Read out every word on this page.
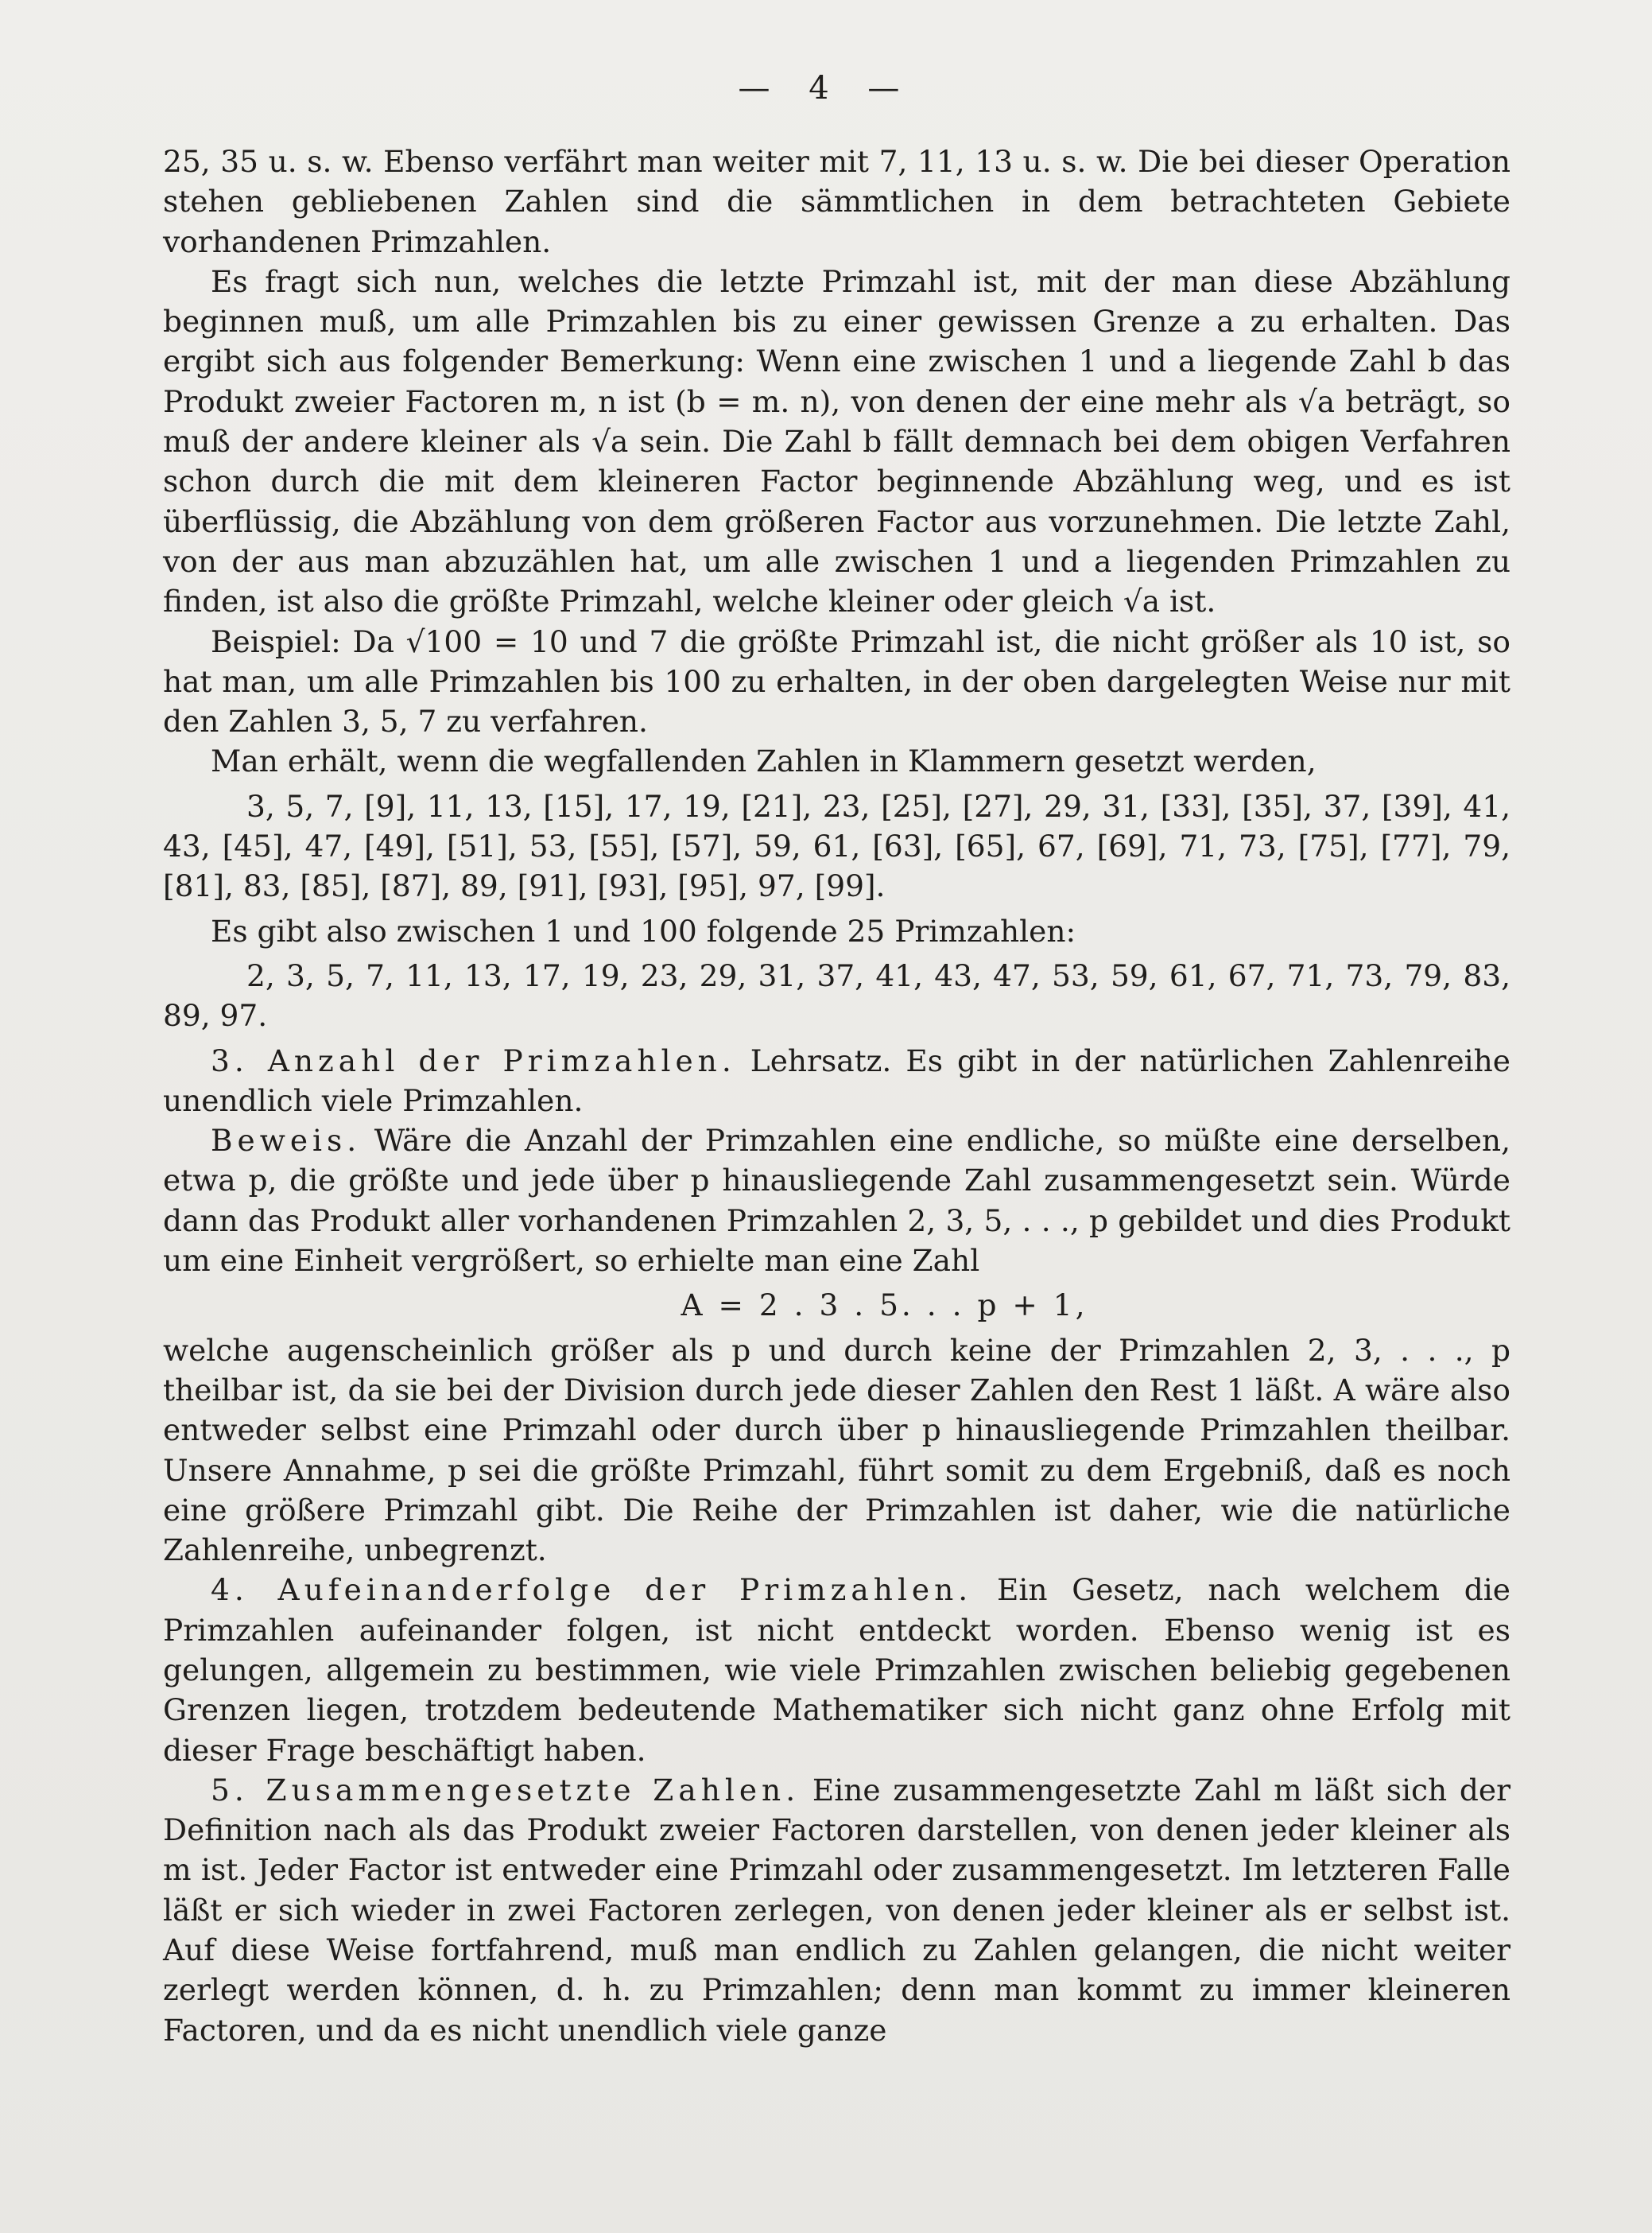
— 4 —

25, 35 u. s. w. Ebenso verfährt man weiter mit 7, 11, 13 u. s. w. Die bei dieser Operation stehen gebliebenen Zahlen sind die sämmtlichen in dem betrachteten Gebiete vorhandenen Primzahlen.

Es fragt sich nun, welches die letzte Primzahl ist, mit der man diese Abzählung beginnen muß, um alle Primzahlen bis zu einer gewissen Grenze a zu erhalten. Das ergibt sich aus folgender Bemerkung: Wenn eine zwischen 1 und a liegende Zahl b das Produkt zweier Factoren m, n ist (b = m. n), von denen der eine mehr als √a beträgt, so muß der andere kleiner als √a sein. Die Zahl b fällt demnach bei dem obigen Verfahren schon durch die mit dem kleineren Factor beginnende Abzählung weg, und es ist überflüssig, die Abzählung von dem größeren Factor aus vorzunehmen. Die letzte Zahl, von der aus man abzuzählen hat, um alle zwischen 1 und a liegenden Primzahlen zu finden, ist also die größte Primzahl, welche kleiner oder gleich √a ist.

Beispiel: Da √100 = 10 und 7 die größte Primzahl ist, die nicht größer als 10 ist, so hat man, um alle Primzahlen bis 100 zu erhalten, in der oben dargelegten Weise nur mit den Zahlen 3, 5, 7 zu verfahren.

Man erhält, wenn die wegfallenden Zahlen in Klammern gesetzt werden,

3, 5, 7, [9], 11, 13, [15], 17, 19, [21], 23, [25], [27], 29, 31, [33], [35], 37, [39], 41, 43, [45], 47, [49], [51], 53, [55], [57], 59, 61, [63], [65], 67, [69], 71, 73, [75], [77], 79, [81], 83, [85], [87], 89, [91], [93], [95], 97, [99].

Es gibt also zwischen 1 und 100 folgende 25 Primzahlen:

2, 3, 5, 7, 11, 13, 17, 19, 23, 29, 31, 37, 41, 43, 47, 53, 59, 61, 67, 71, 73, 79, 83, 89, 97.

3. Anzahl der Primzahlen. Lehrsatz. Es gibt in der natürlichen Zahlenreihe unendlich viele Primzahlen.

Beweis. Wäre die Anzahl der Primzahlen eine endliche, so müßte eine derselben, etwa p, die größte und jede über p hinausliegende Zahl zusammengesetzt sein. Würde dann das Produkt aller vorhandenen Primzahlen 2, 3, 5, . . ., p gebildet und dies Produkt um eine Einheit vergrößert, so erhielte man eine Zahl

A = 2 . 3 . 5. . . p + 1,

welche augenscheinlich größer als p und durch keine der Primzahlen 2, 3, . . ., p theilbar ist, da sie bei der Division durch jede dieser Zahlen den Rest 1 läßt. A wäre also entweder selbst eine Primzahl oder durch über p hinausliegende Primzahlen theilbar. Unsere Annahme, p sei die größte Primzahl, führt somit zu dem Ergebniß, daß es noch eine größere Primzahl gibt. Die Reihe der Primzahlen ist daher, wie die natürliche Zahlenreihe, unbegrenzt.

4. Aufeinanderfolge der Primzahlen. Ein Gesetz, nach welchem die Primzahlen aufeinander folgen, ist nicht entdeckt worden. Ebenso wenig ist es gelungen, allgemein zu bestimmen, wie viele Primzahlen zwischen beliebig gegebenen Grenzen liegen, trotzdem bedeutende Mathematiker sich nicht ganz ohne Erfolg mit dieser Frage beschäftigt haben.

5. Zusammengesetzte Zahlen. Eine zusammengesetzte Zahl m läßt sich der Definition nach als das Produkt zweier Factoren darstellen, von denen jeder kleiner als m ist. Jeder Factor ist entweder eine Primzahl oder zusammengesetzt. Im letzteren Falle läßt er sich wieder in zwei Factoren zerlegen, von denen jeder kleiner als er selbst ist. Auf diese Weise fortfahrend, muß man endlich zu Zahlen gelangen, die nicht weiter zerlegt werden können, d. h. zu Primzahlen; denn man kommt zu immer kleineren Factoren, und da es nicht unendlich viele ganze
